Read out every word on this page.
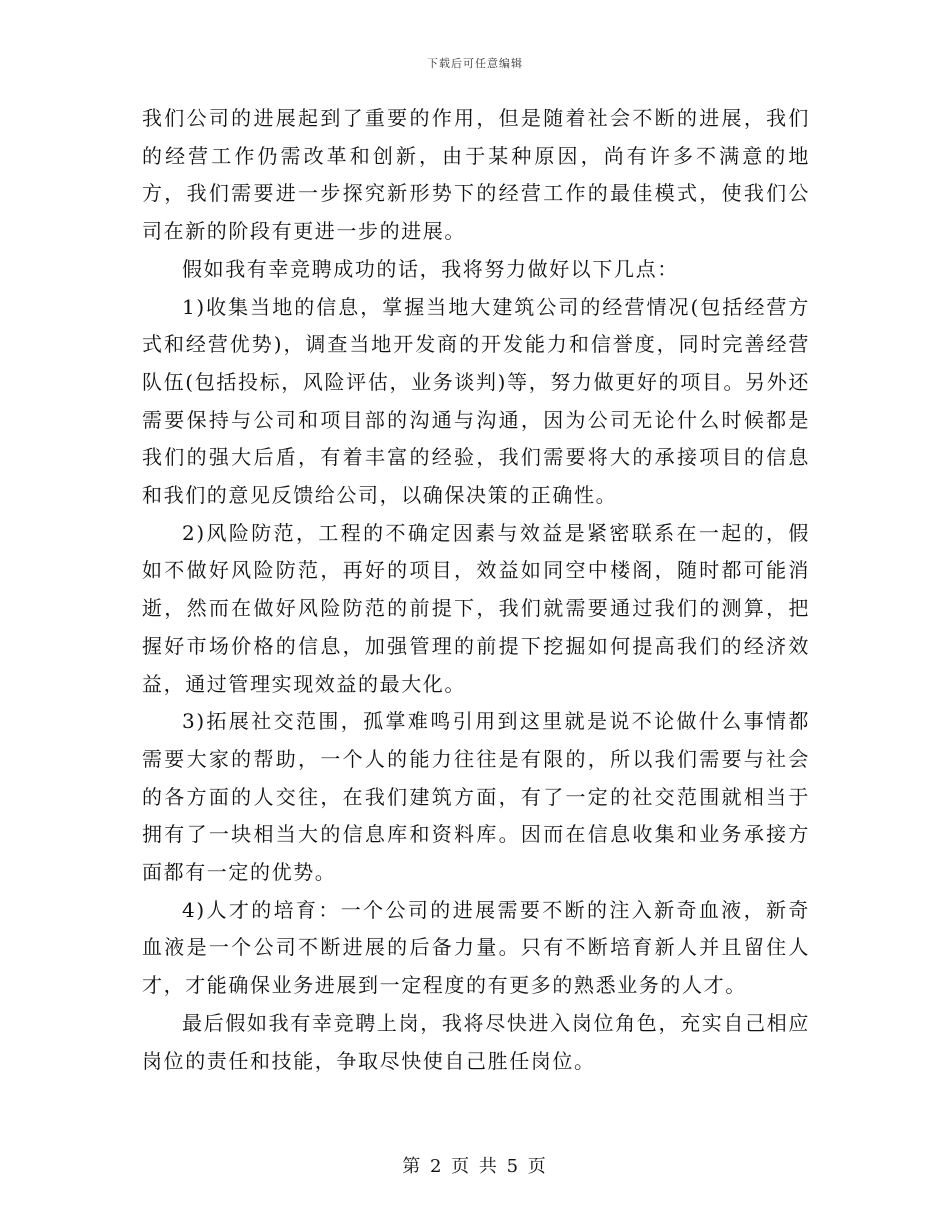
下载后可任意编辑

我们公司的进展起到了重要的作用，但是随着社会不断的进展，我们的经营工作仍需改革和创新，由于某种原因，尚有许多不满意的地方，我们需要进一步探究新形势下的经营工作的最佳模式，使我们公司在新的阶段有更进一步的进展。

假如我有幸竞聘成功的话，我将努力做好以下几点：

1)收集当地的信息，掌握当地大建筑公司的经营情况(包括经营方式和经营优势)，调查当地开发商的开发能力和信誉度，同时完善经营队伍(包括投标，风险评估，业务谈判)等，努力做更好的项目。另外还需要保持与公司和项目部的沟通与沟通，因为公司无论什么时候都是我们的强大后盾，有着丰富的经验，我们需要将大的承接项目的信息和我们的意见反馈给公司，以确保决策的正确性。

2)风险防范，工程的不确定因素与效益是紧密联系在一起的，假如不做好风险防范，再好的项目，效益如同空中楼阁，随时都可能消逝，然而在做好风险防范的前提下，我们就需要通过我们的测算，把握好市场价格的信息，加强管理的前提下挖掘如何提高我们的经济效益，通过管理实现效益的最大化。

3)拓展社交范围，孤掌难鸣引用到这里就是说不论做什么事情都需要大家的帮助，一个人的能力往往是有限的，所以我们需要与社会的各方面的人交往，在我们建筑方面，有了一定的社交范围就相当于拥有了一块相当大的信息库和资料库。因而在信息收集和业务承接方面都有一定的优势。

4)人才的培育：一个公司的进展需要不断的注入新奇血液，新奇血液是一个公司不断进展的后备力量。只有不断培育新人并且留住人才，才能确保业务进展到一定程度的有更多的熟悉业务的人才。

最后假如我有幸竞聘上岗，我将尽快进入岗位角色，充实自己相应岗位的责任和技能，争取尽快使自己胜任岗位。

第 2 页 共 5 页
